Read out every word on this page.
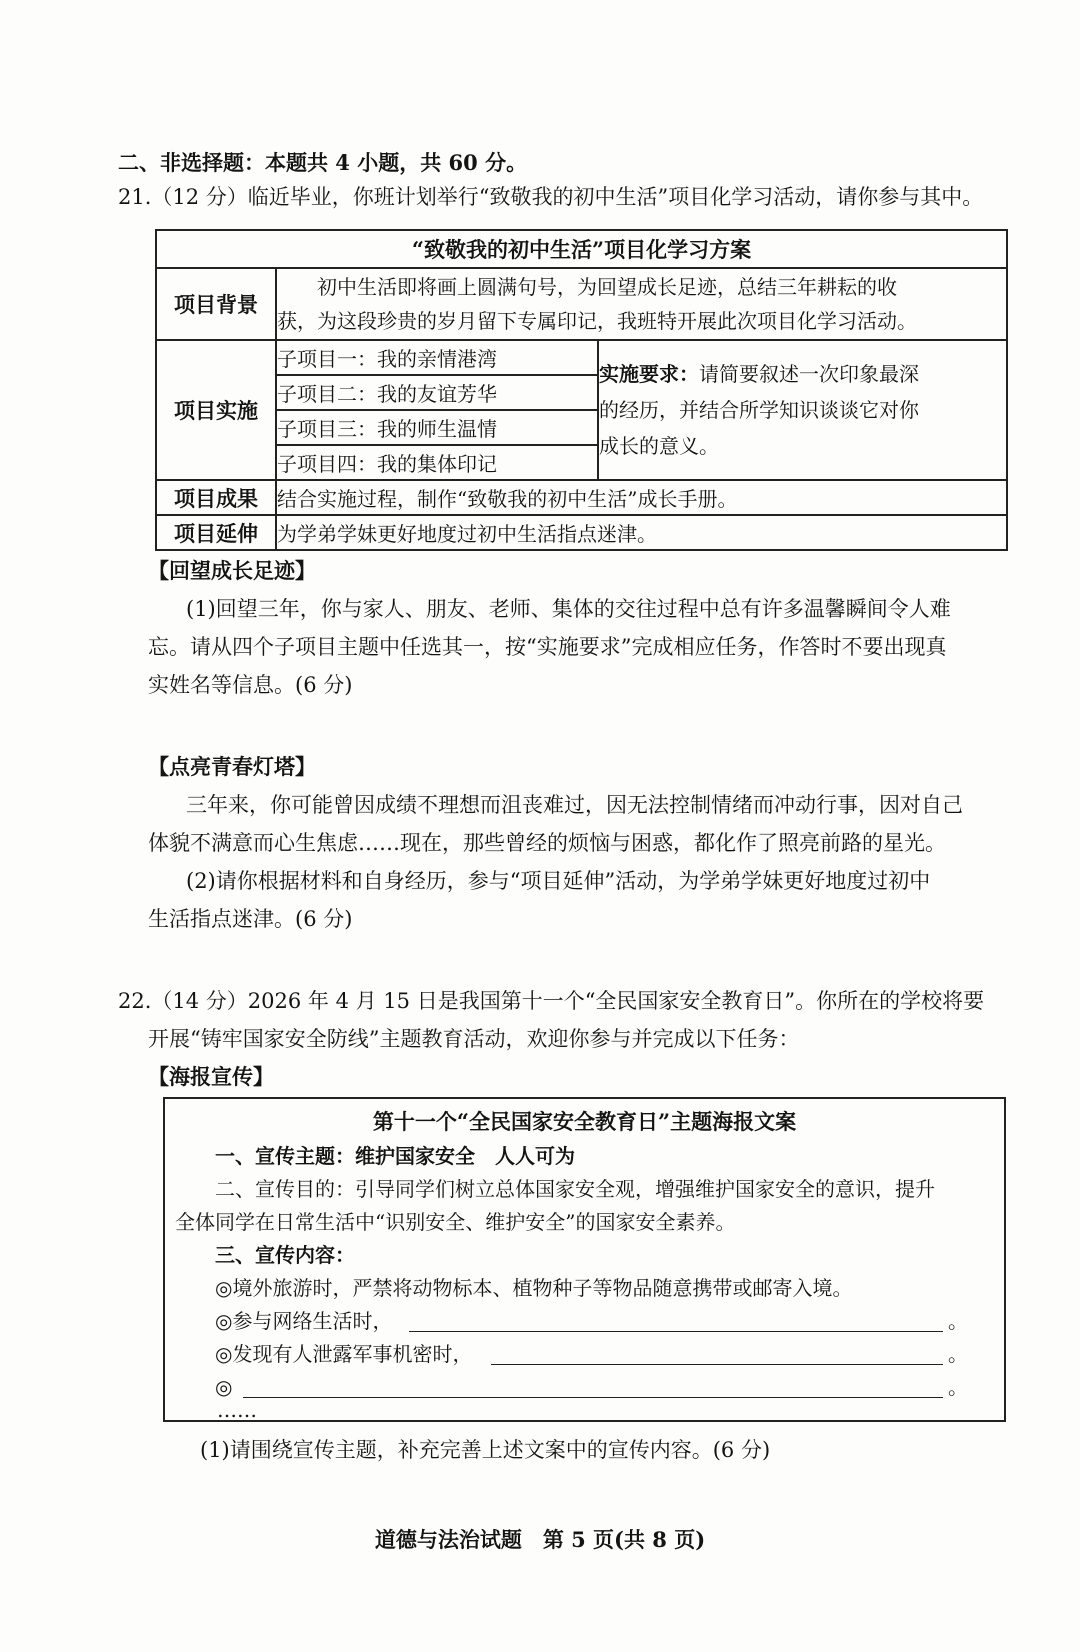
二、非选择题：本题共 4 小题，共 60 分。
21.（12 分）临近毕业，你班计划举行“致敬我的初中生活”项目化学习活动，请你参与其中。
“致敬我的初中生活”项目化学习方案		
项目背景	初中生活即将画上圆满句号，为回望成长足迹，总结三年耕耘的收
获，为这段珍贵的岁月留下专属印记，我班特开展此次项目化学习活动。	

项目实施	子项目一：我的亲情港湾	实施要求：请简要叙述一次印象最深
的经历，并结合所学知识谈谈它对你
成长的意义。

	子项目二：我的友谊芳华	
	子项目三：我的师生温情	
	子项目四：我的集体印记	
项目成果	结合实施过程，制作“致敬我的初中生活”成长手册。	
项目延伸	为学弟学妹更好地度过初中生活指点迷津。	
【回望成长足迹】
(1)回望三年，你与家人、朋友、老师、集体的交往过程中总有许多温馨瞬间令人难
忘。请从四个子项目主题中任选其一，按“实施要求”完成相应任务，作答时不要出现真
实姓名等信息。(6 分)
【点亮青春灯塔】
三年来，你可能曾因成绩不理想而沮丧难过，因无法控制情绪而冲动行事，因对自己
体貌不满意而心生焦虑……现在，那些曾经的烦恼与困惑，都化作了照亮前路的星光。
(2)请你根据材料和自身经历，参与“项目延伸”活动，为学弟学妹更好地度过初中
生活指点迷津。(6 分)
22.（14 分）2026 年 4 月 15 日是我国第十一个“全民国家安全教育日”。你所在的学校将要
开展“铸牢国家安全防线”主题教育活动，欢迎你参与并完成以下任务：
【海报宣传】
第十一个“全民国家安全教育日”主题海报文案
一、宣传主题：维护国家安全　人人可为
二、宣传目的：引导同学们树立总体国家安全观，增强维护国家安全的意识，提升
全体同学在日常生活中“识别安全、维护安全”的国家安全素养。
三、宣传内容：
◎境外旅游时，严禁将动物标本、植物种子等物品随意携带或邮寄入境。
◎参与网络生活时，	。
◎发现有人泄露军事机密时，	。
◎	。
……
(1)请围绕宣传主题，补充完善上述文案中的宣传内容。(6 分)
道德与法治试题　第 5 页(共 8 页)
